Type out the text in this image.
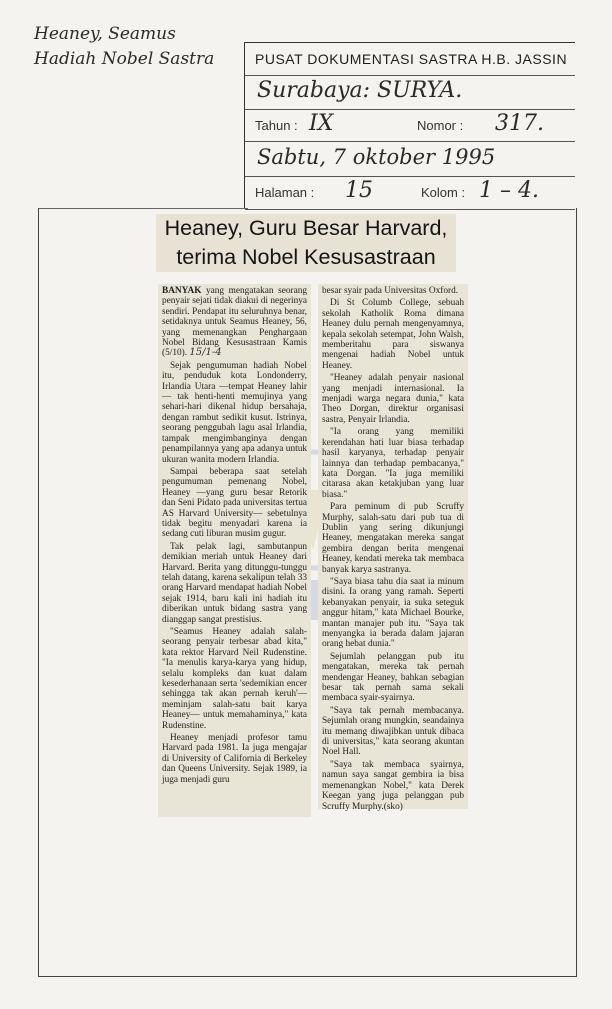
Heaney, Seamus
Hadiah Nobel Sastra	PUSAT DOKUMENTASI SASTRA H.B. JASSIN
Surabaya: SURYA.
Tahun : IX	Nomor : 317.
Sabtu, 7 oktober 1995
Halaman : 15	Kolom : 1 – 4.
Heaney, Guru Besar Harvard,
terima Nobel Kesusastraan

BANYAK yang mengatakan seorang penyair sejati tidak diakui di negerinya sendiri. Pendapat itu seluruhnya benar, setidaknya untuk Seamus Heaney, 56, yang memenangkan Penghargaan Nobel Bidang Kesusastraan Kamis (5/10). 15/1-4

Sejak pengumuman hadiah Nobel itu, penduduk kota Londonderry, Irlandia Utara —tempat Heaney lahir— tak henti-henti memujinya yang sehari-hari dikenal hidup bersahaja, dengan rambut sedikit kusut. Istrinya, seorang penggubah lagu asal Irlandia, tampak mengimbanginya dengan penampilannya yang apa adanya untuk ukuran wanita modern Irlandia.

Sampai beberapa saat setelah pengumuman pemenang Nobel, Heaney —yang guru besar Retorik dan Seni Pidato pada universitas tertua AS Harvard University— sebetulnya tidak begitu menyadari karena ia sedang cuti liburan musim gugur.

Tak pelak lagi, sambutanpun demikian meriah untuk Heaney dari Harvard. Berita yang ditunggu-tunggu telah datang, karena sekalipun telah 33 orang Harvard mendapat hadiah Nobel sejak 1914, baru kali ini hadiah itu diberikan untuk bidang sastra yang dianggap sangat prestisius.

"Seamus Heaney adalah salah-seorang penyair terbesar abad kita," kata rektor Harvard Neil Rudenstine. "Ia menulis karya-karya yang hidup, selalu kompleks dan kuat dalam kesederhanaan serta 'sedemikian encer sehingga tak akan pernah keruh'— meminjam salah-satu bait karya Heaney— untuk memahaminya," kata Rudenstine.

Heaney menjadi profesor tamu Harvard pada 1981. Ia juga mengajar di University of California di Berkeley dan Queens University. Sejak 1989, ia juga menjadi guru

besar syair pada Universitas Oxford.

Di St Columb College, sebuah sekolah Katholik Roma dimana Heaney dulu pernah mengenyamnya, kepala sekolah setempat, John Walsh, memberitahu para siswanya mengenai hadiah Nobel untuk Heaney.

"Heaney adalah penyair nasional yang menjadi internasional. Ia menjadi warga negara dunia," kata Theo Dorgan, direktur organisasi sastra, Penyair Irlandia.

"Ia orang yang memiliki kerendahan hati luar biasa terhadap hasil karyanya, terhadap penyair lainnya dan terhadap pembacanya," kata Dorgan. "Ia juga memiliki citarasa akan ketakjuban yang luar biasa."

Para peminum di pub Scruffy Murphy, salah-satu dari pub tua di Dublin yang sering dikunjungi Heaney, mengatakan mereka sangat gembira dengan berita mengenai Heaney, kendati mereka tak membaca banyak karya sastranya.

"Saya biasa tahu dia saat ia minum disini. Ia orang yang ramah. Seperti kebanyakan penyair, ia suka seteguk anggur hitam," kata Michael Bourke, mantan manajer pub itu. "Saya tak menyangka ia berada dalam jajaran orang hebat dunia."

Sejumlah pelanggan pub itu mengatakan, mereka tak pernah mendengar Heaney, bahkan sebagian besar tak pernah sama sekali membaca syair-syairnya.

"Saya tak pernah membacanya. Sejumlah orang mungkin, seandainya itu memang diwajibkan untuk dibaca di universitas," kata seorang akuntan Noel Hall.

"Saya tak membaca syairnya, namun saya sangat gembira ia bisa memenangkan Nobel," kata Derek Keegan yang juga pelanggan pub Scruffy Murphy.(sko)
